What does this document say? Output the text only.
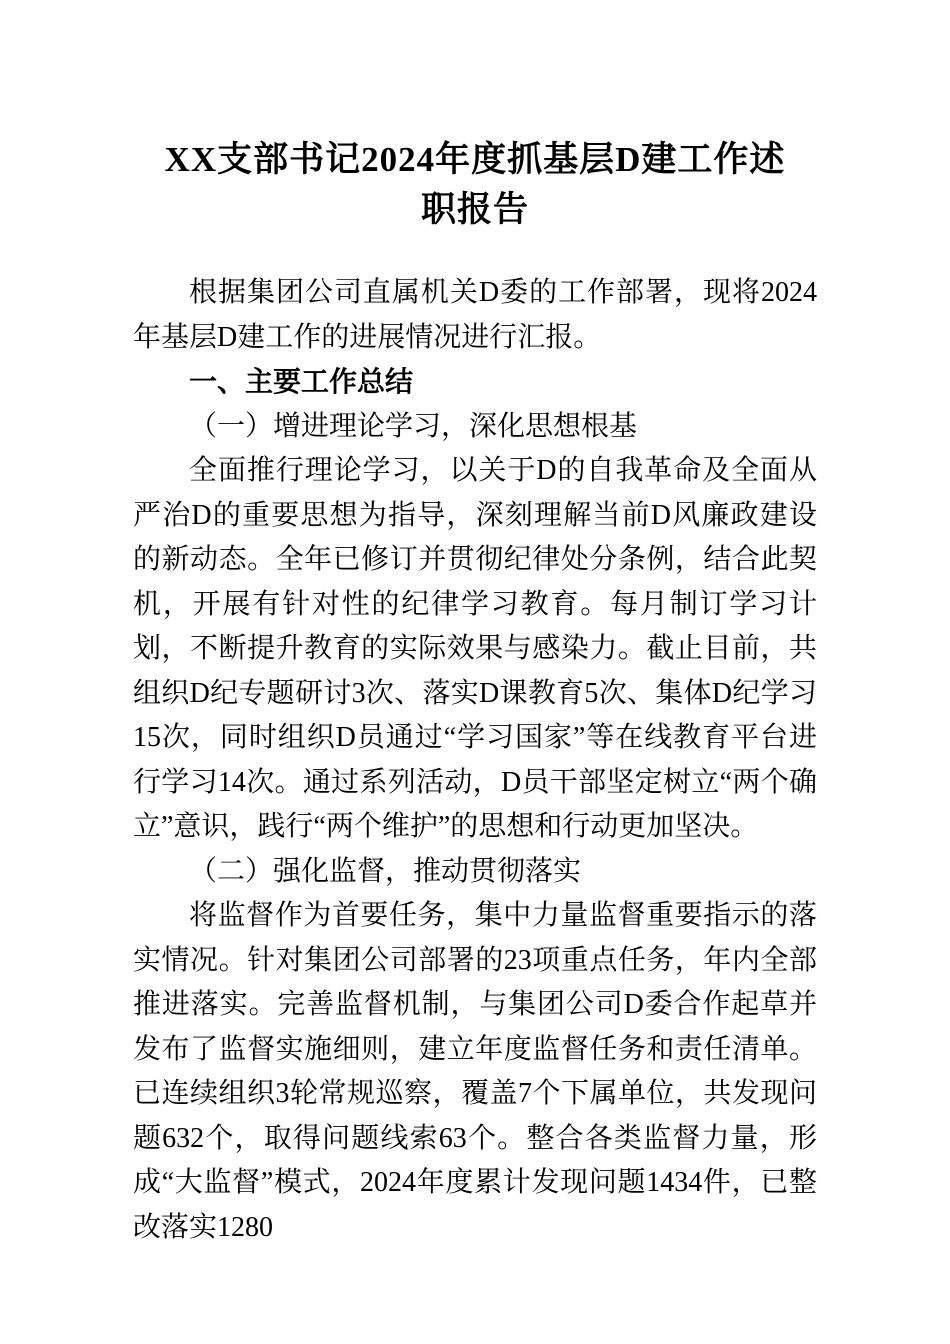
XX支部书记2024年度抓基层D建工作述
职报告

根据集团公司直属机关D委的工作部署，现将2024年基层D建工作的进展情况进行汇报。

一、主要工作总结
（一）增进理论学习，深化思想根基

全面推行理论学习，以关于D的自我革命及全面从严治D的重要思想为指导，深刻理解当前D风廉政建设的新动态。全年已修订并贯彻纪律处分条例，结合此契机，开展有针对性的纪律学习教育。每月制订学习计划，不断提升教育的实际效果与感染力。截止目前，共组织D纪专题研讨3次、落实D课教育5次、集体D纪学习15次，同时组织D员通过“学习国家”等在线教育平台进行学习14次。通过系列活动，D员干部坚定树立“两个确立”意识，践行“两个维护”的思想和行动更加坚决。

（二）强化监督，推动贯彻落实

将监督作为首要任务，集中力量监督重要指示的落实情况。针对集团公司部署的23项重点任务，年内全部推进落实。完善监督机制，与集团公司D委合作起草并发布了监督实施细则，建立年度监督任务和责任清单。已连续组织3轮常规巡察，覆盖7个下属单位，共发现问题632个，取得问题线索63个。整合各类监督力量，形成“大监督”模式，2024年度累计发现问题1434件，已整改落实1280
